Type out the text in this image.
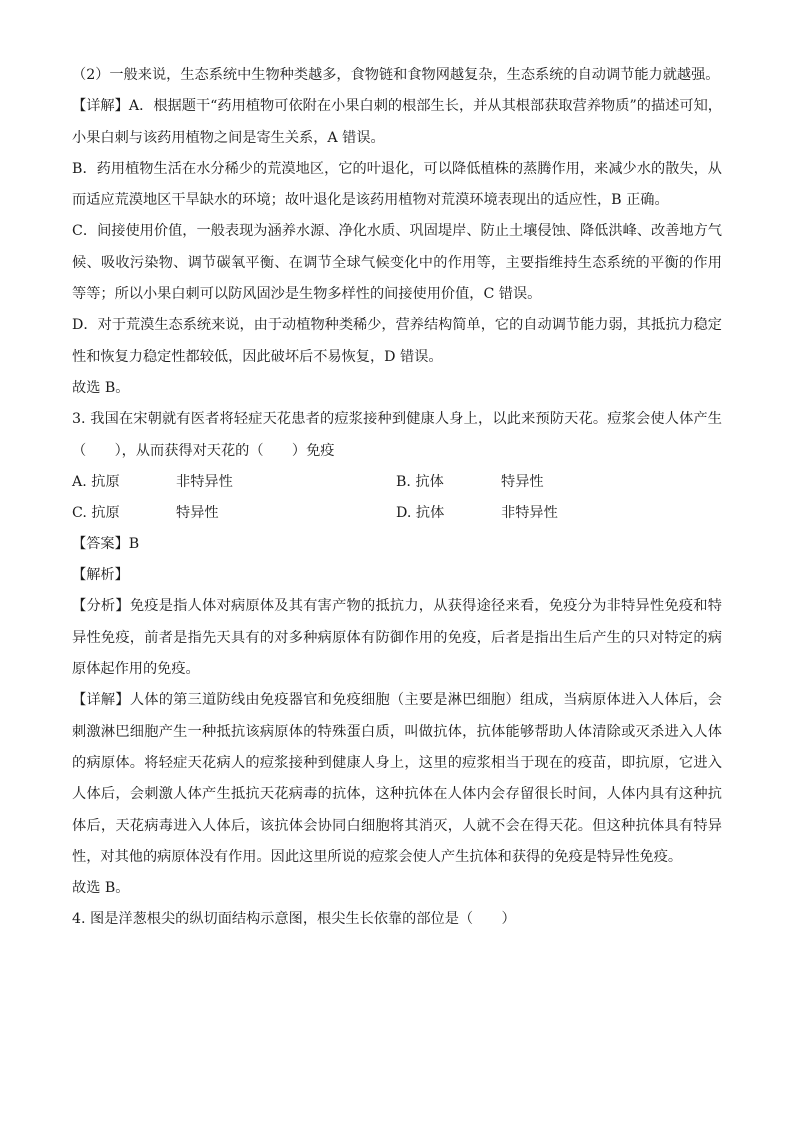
（2）一般来说，生态系统中生物种类越多，食物链和食物网越复杂，生态系统的自动调节能力就越强。

【详解】A．根据题干“药用植物可依附在小果白刺的根部生长，并从其根部获取营养物质”的描述可知，小果白刺与该药用植物之间是寄生关系，A 错误。

B．药用植物生活在水分稀少的荒漠地区，它的叶退化，可以降低植株的蒸腾作用，来减少水的散失，从而适应荒漠地区干旱缺水的环境；故叶退化是该药用植物对荒漠环境表现出的适应性，B 正确。

C．间接使用价值，一般表现为涵养水源、净化水质、巩固堤岸、防止土壤侵蚀、降低洪峰、改善地方气候、吸收污染物、调节碳氧平衡、在调节全球气候变化中的作用等，主要指维持生态系统的平衡的作用等等；所以小果白刺可以防风固沙是生物多样性的间接使用价值，C 错误。

D．对于荒漠生态系统来说，由于动植物种类稀少，营养结构简单，它的自动调节能力弱，其抵抗力稳定性和恢复力稳定性都较低，因此破坏后不易恢复，D 错误。

故选 B。

3. 我国在宋朝就有医者将轻症天花患者的痘浆接种到健康人身上，以此来预防天花。痘浆会使人体产生（　　），从而获得对天花的（　　）免疫

A. 抗原	非特异性	B. 抗体	特异性
C. 抗原	特异性	D. 抗体	非特异性

【答案】B

【解析】

【分析】免疫是指人体对病原体及其有害产物的抵抗力，从获得途径来看，免疫分为非特异性免疫和特异性免疫，前者是指先天具有的对多种病原体有防御作用的免疫，后者是指出生后产生的只对特定的病原体起作用的免疫。

【详解】人体的第三道防线由免疫器官和免疫细胞（主要是淋巴细胞）组成，当病原体进入人体后，会刺激淋巴细胞产生一种抵抗该病原体的特殊蛋白质，叫做抗体，抗体能够帮助人体清除或灭杀进入人体的病原体。将轻症天花病人的痘浆接种到健康人身上，这里的痘浆相当于现在的疫苗，即抗原，它进入人体后，会刺激人体产生抵抗天花病毒的抗体，这种抗体在人体内会存留很长时间，人体内具有这种抗体后，天花病毒进入人体后，该抗体会协同白细胞将其消灭，人就不会在得天花。但这种抗体具有特异性，对其他的病原体没有作用。因此这里所说的痘浆会使人产生抗体和获得的免疫是特异性免疫。

故选 B。

4. 图是洋葱根尖的纵切面结构示意图，根尖生长依靠的部位是（　　）
